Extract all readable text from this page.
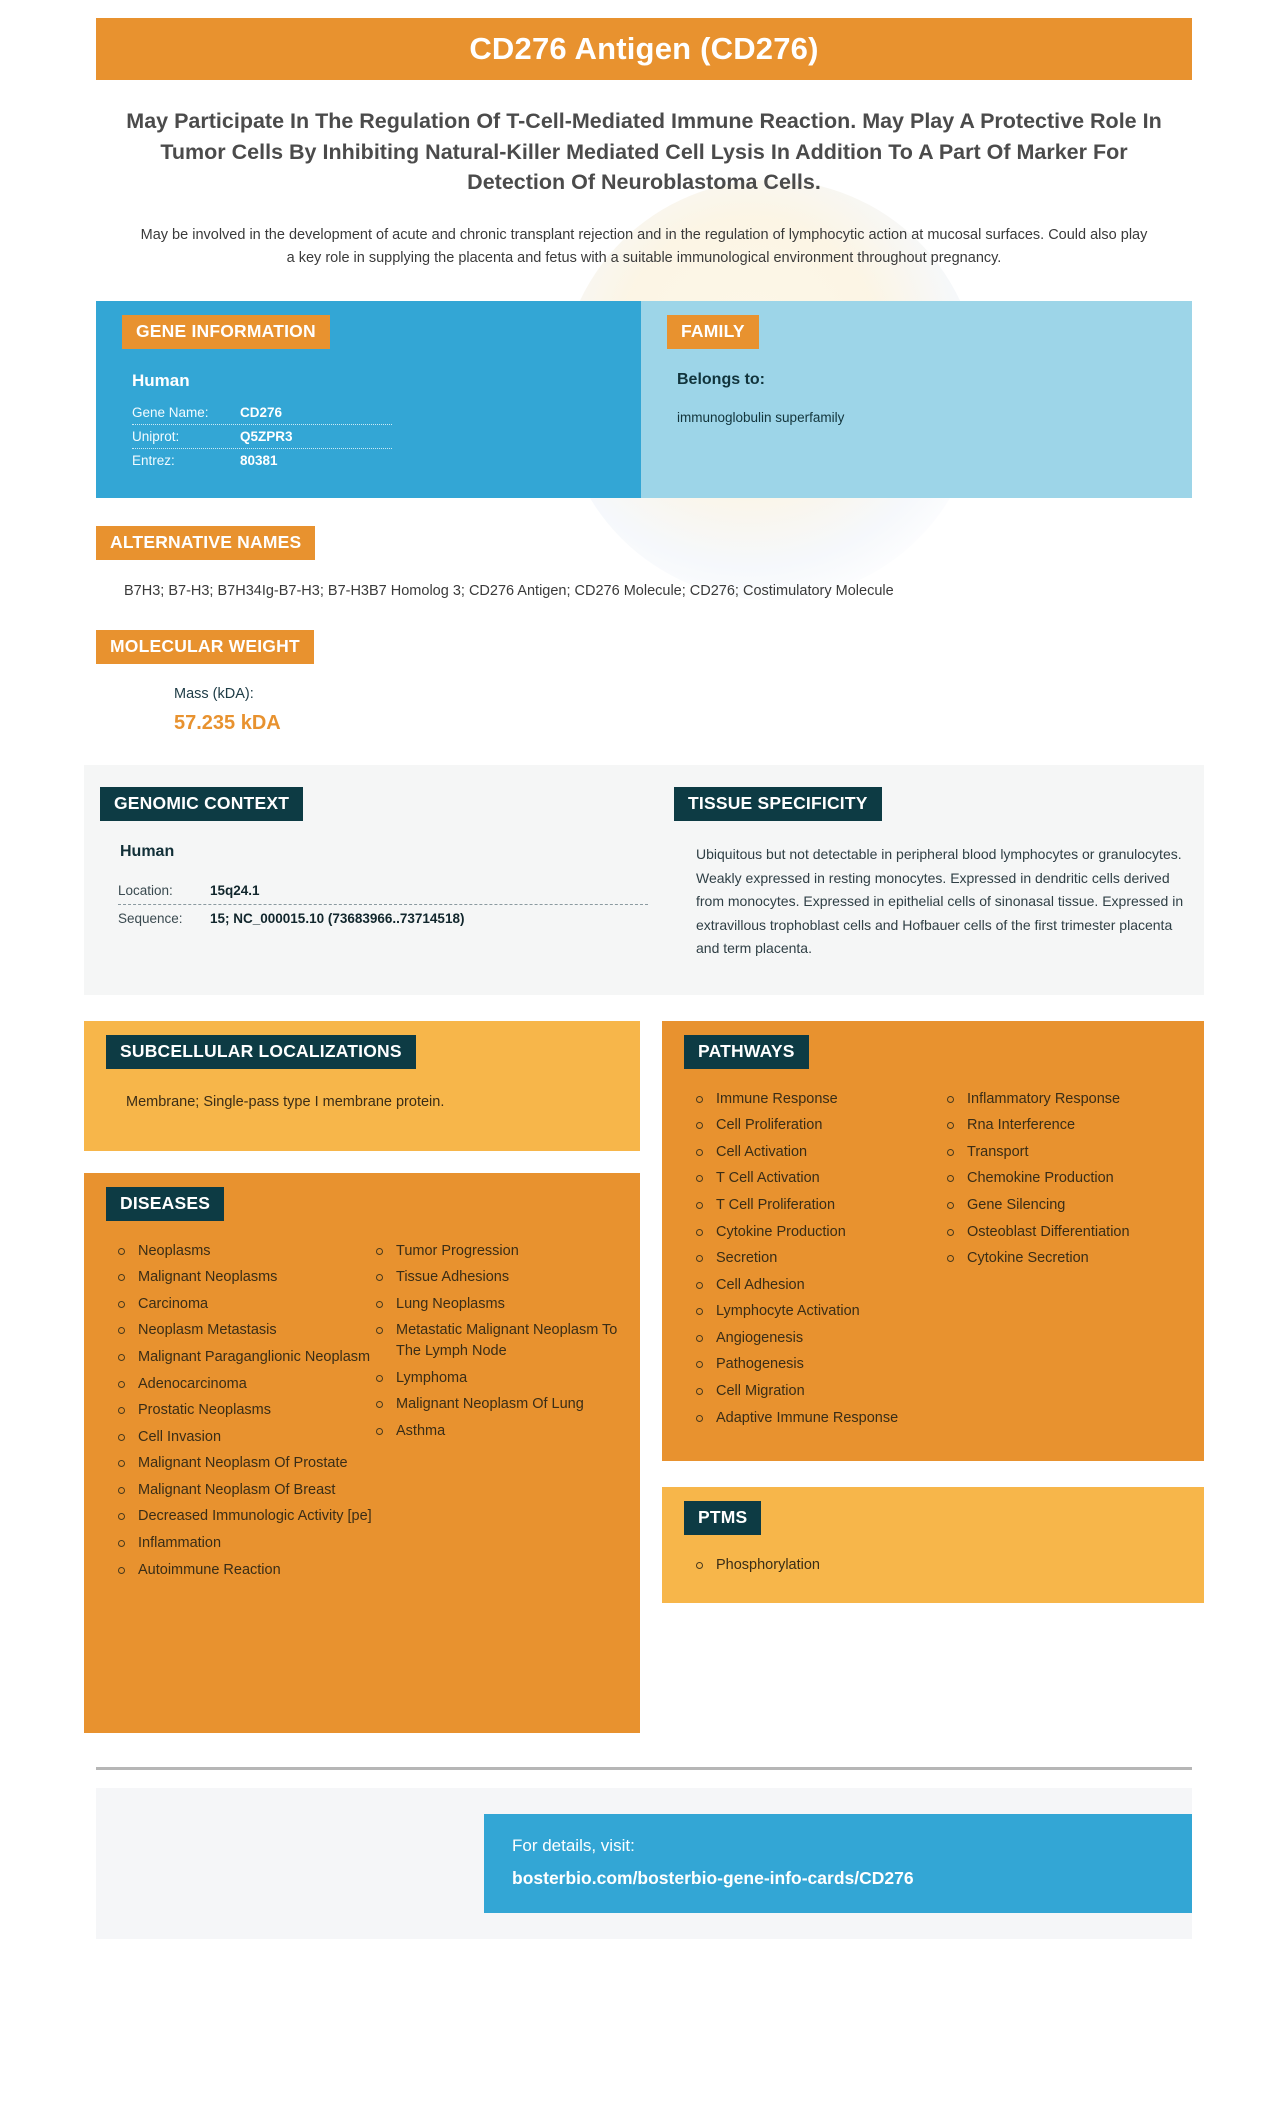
CD276 Antigen (CD276)
May Participate In The Regulation Of T-Cell-Mediated Immune Reaction. May Play A Protective Role In Tumor Cells By Inhibiting Natural-Killer Mediated Cell Lysis In Addition To A Part Of Marker For Detection Of Neuroblastoma Cells.
May be involved in the development of acute and chronic transplant rejection and in the regulation of lymphocytic action at mucosal surfaces. Could also play a key role in supplying the placenta and fetus with a suitable immunological environment throughout pregnancy.
GENE INFORMATION
Human
Gene Name:	CD276
Uniprot:	Q5ZPR3
Entrez:	80381
FAMILY
Belongs to:
immunoglobulin superfamily
ALTERNATIVE NAMES
B7H3; B7-H3; B7H34Ig-B7-H3; B7-H3B7 Homolog 3; CD276 Antigen; CD276 Molecule; CD276; Costimulatory Molecule
MOLECULAR WEIGHT
Mass (kDA):
57.235 kDA
GENOMIC CONTEXT
Human
Location:	15q24.1
Sequence:	15; NC_000015.10 (73683966..73714518)
TISSUE SPECIFICITY
Ubiquitous but not detectable in peripheral blood lymphocytes or granulocytes. Weakly expressed in resting monocytes. Expressed in dendritic cells derived from monocytes. Expressed in epithelial cells of sinonasal tissue. Expressed in extravillous trophoblast cells and Hofbauer cells of the first trimester placenta and term placenta.
SUBCELLULAR LOCALIZATIONS
Membrane; Single-pass type I membrane protein.
DISEASES
Neoplasms
Malignant Neoplasms
Carcinoma
Neoplasm Metastasis
Malignant Paraganglionic Neoplasm
Adenocarcinoma
Prostatic Neoplasms
Cell Invasion
Malignant Neoplasm Of Prostate
Malignant Neoplasm Of Breast
Decreased Immunologic Activity [pe]
Inflammation
Autoimmune Reaction
Tumor Progression
Tissue Adhesions
Lung Neoplasms
Metastatic Malignant Neoplasm To The Lymph Node
Lymphoma
Malignant Neoplasm Of Lung
Asthma
PATHWAYS
Immune Response
Cell Proliferation
Cell Activation
T Cell Activation
T Cell Proliferation
Cytokine Production
Secretion
Cell Adhesion
Lymphocyte Activation
Angiogenesis
Pathogenesis
Cell Migration
Adaptive Immune Response
Inflammatory Response
Rna Interference
Transport
Chemokine Production
Gene Silencing
Osteoblast Differentiation
Cytokine Secretion
PTMS
Phosphorylation
For details, visit:
bosterbio.com/bosterbio-gene-info-cards/CD276
